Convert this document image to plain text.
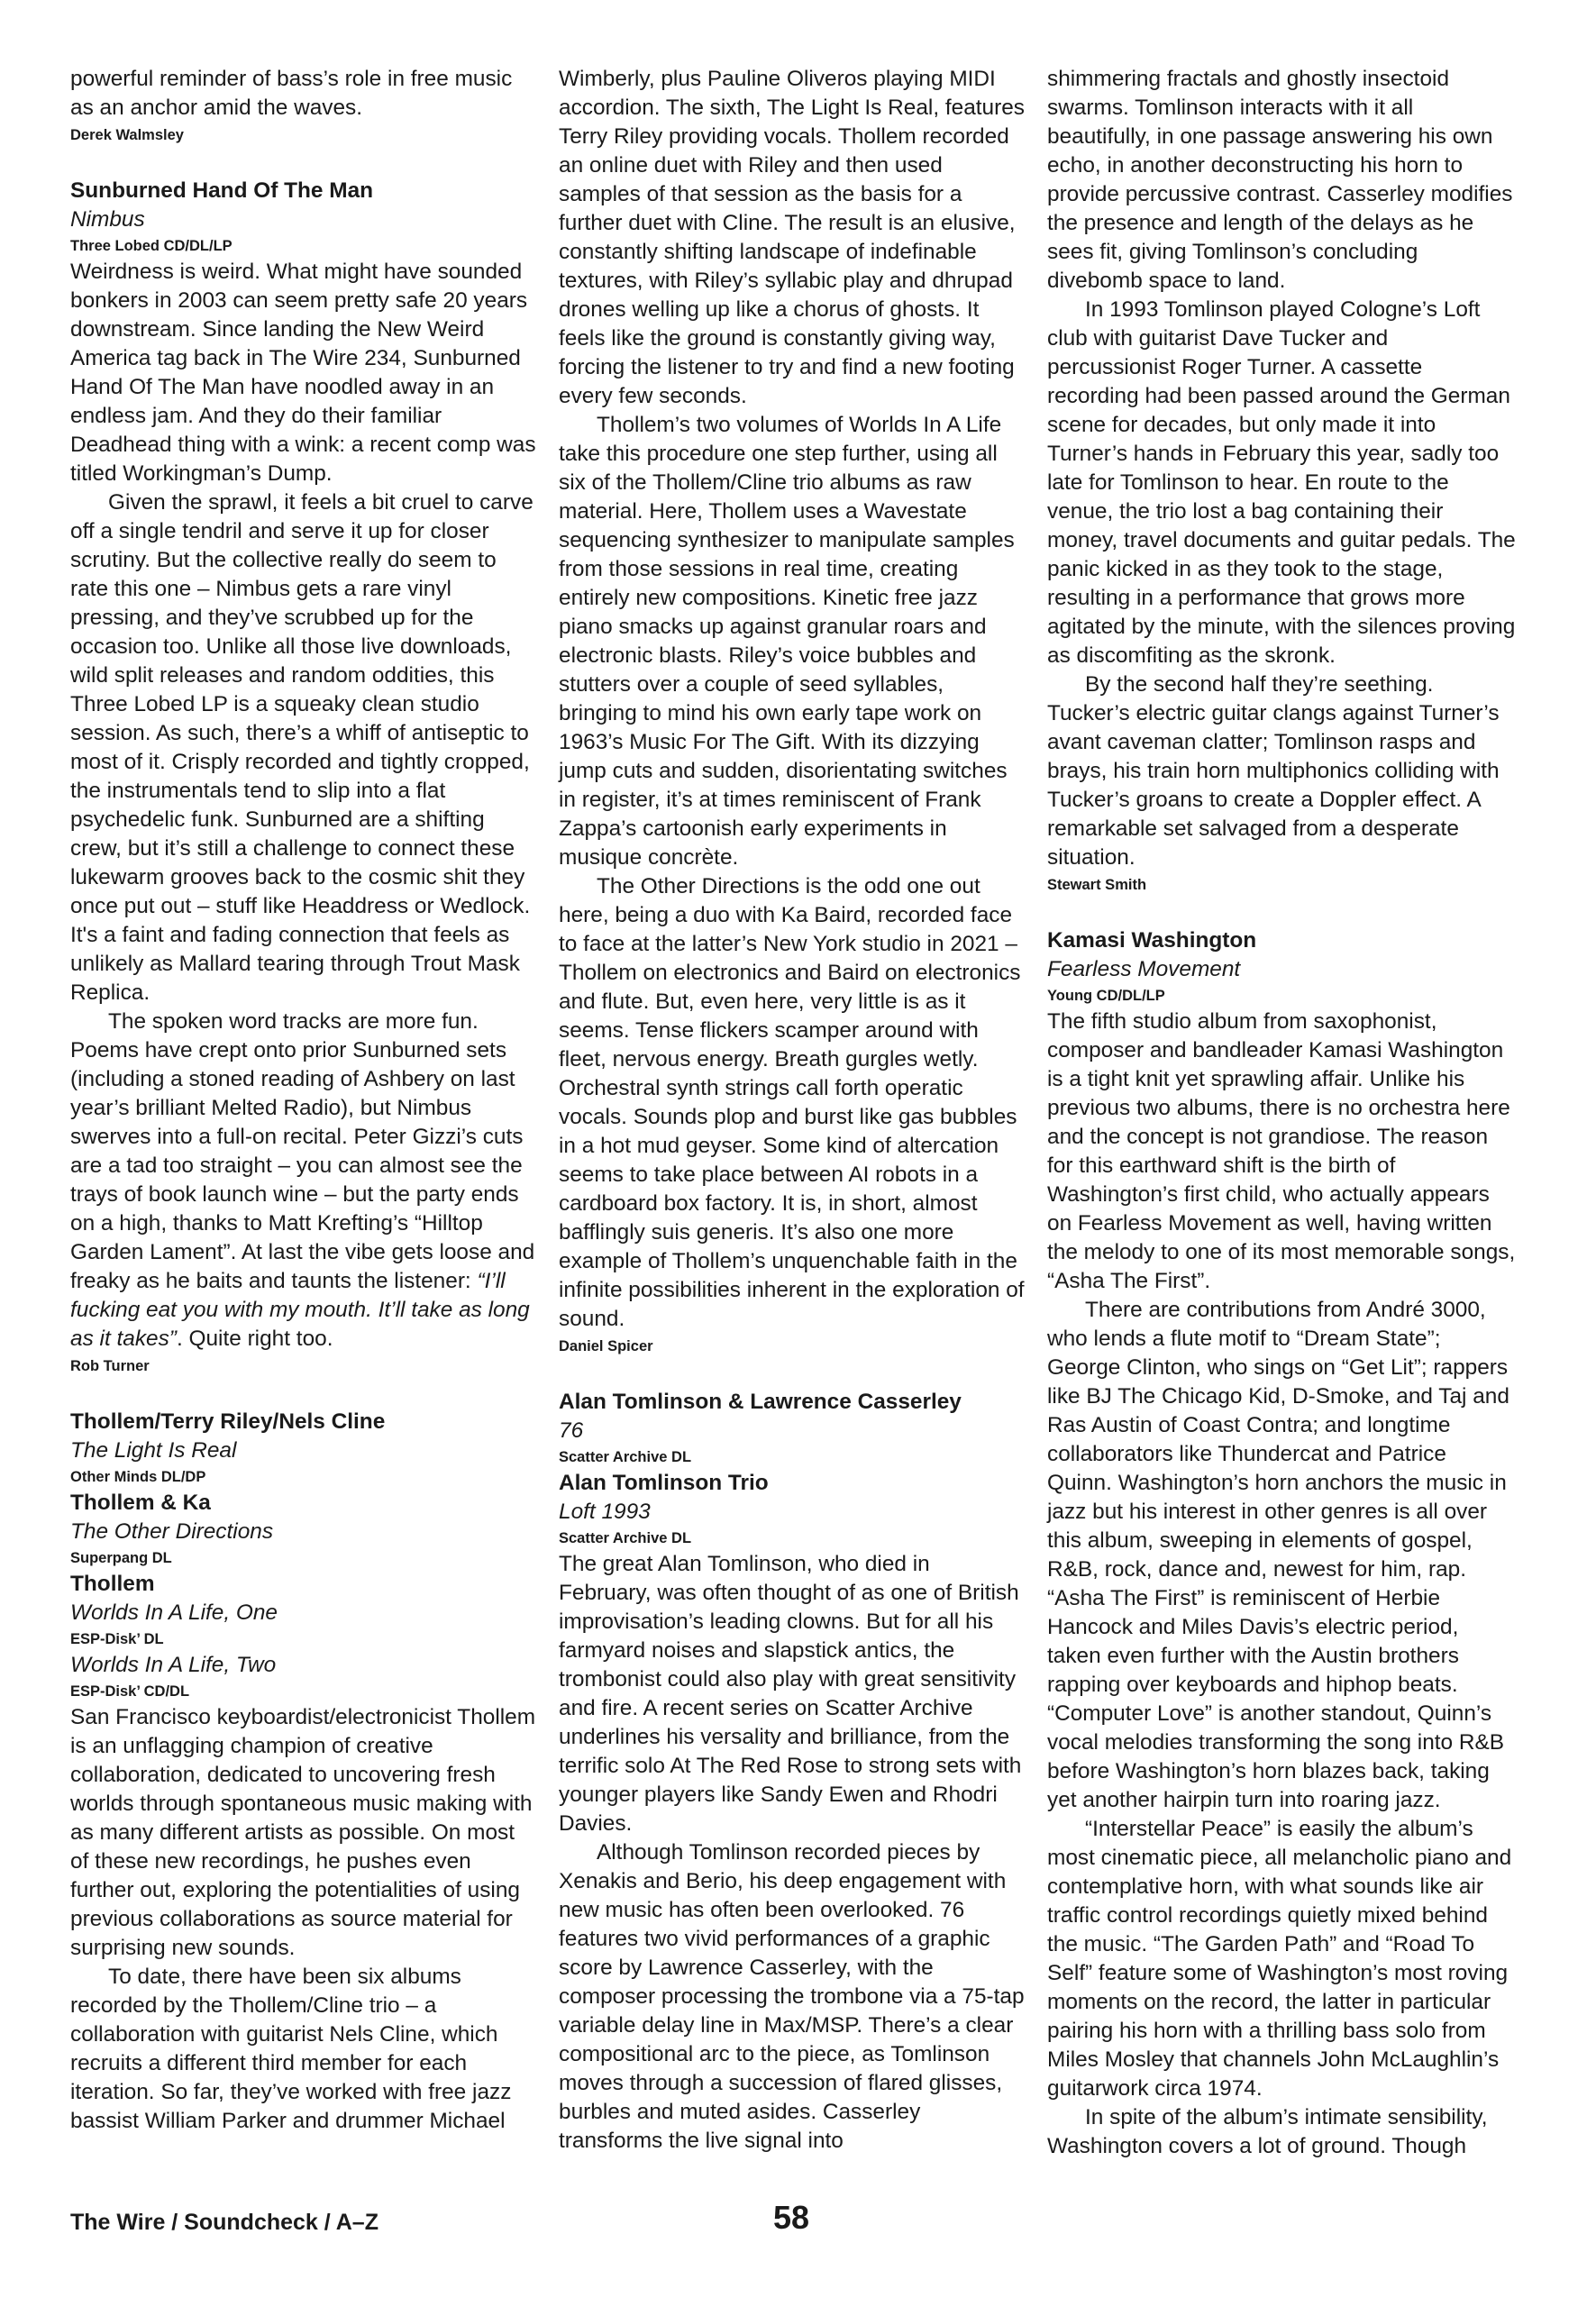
powerful reminder of bass’s role in free music as an anchor amid the waves.

Derek Walmsley
Sunburned Hand Of The Man
Nimbus
Three Lobed CD/DL/LP

Weirdness is weird. What might have sounded bonkers in 2003 can seem pretty safe 20 years downstream. Since landing the New Weird America tag back in The Wire 234, Sunburned Hand Of The Man have noodled away in an endless jam. And they do their familiar Deadhead thing with a wink: a recent comp was titled Workingman’s Dump.

Given the sprawl, it feels a bit cruel to carve off a single tendril and serve it up for closer scrutiny. But the collective really do seem to rate this one – Nimbus gets a rare vinyl pressing, and they’ve scrubbed up for the occasion too. Unlike all those live downloads, wild split releases and random oddities, this Three Lobed LP is a squeaky clean studio session. As such, there’s a whiff of antiseptic to most of it. Crisply recorded and tightly cropped, the instrumentals tend to slip into a flat psychedelic funk. Sunburned are a shifting crew, but it’s still a challenge to connect these lukewarm grooves back to the cosmic shit they once put out – stuff like Headdress or Wedlock. It's a faint and fading connection that feels as unlikely as Mallard tearing through Trout Mask Replica.

The spoken word tracks are more fun. Poems have crept onto prior Sunburned sets (including a stoned reading of Ashbery on last year’s brilliant Melted Radio), but Nimbus swerves into a full-on recital. Peter Gizzi’s cuts are a tad too straight – you can almost see the trays of book launch wine – but the party ends on a high, thanks to Matt Krefting’s “Hilltop Garden Lament”. At last the vibe gets loose and freaky as he baits and taunts the listener: “I’ll fucking eat you with my mouth. It’ll take as long as it takes”. Quite right too.

Rob Turner
Thollem/Terry Riley/Nels Cline
The Light Is Real
Other Minds DL/DP
Thollem & Ka
The Other Directions
Superpang DL
Thollem
Worlds In A Life, One
ESP-Disk’ DL
Worlds In A Life, Two
ESP-Disk’ CD/DL

San Francisco keyboardist/electronicist Thollem is an unflagging champion of creative collaboration, dedicated to uncovering fresh worlds through spontaneous music making with as many different artists as possible. On most of these new recordings, he pushes even further out, exploring the potentialities of using previous collaborations as source material for surprising new sounds.

To date, there have been six albums recorded by the Thollem/Cline trio – a collaboration with guitarist Nels Cline, which recruits a different third member for each iteration. So far, they’ve worked with free jazz bassist William Parker and drummer Michael

Wimberly, plus Pauline Oliveros playing MIDI accordion. The sixth, The Light Is Real, features Terry Riley providing vocals. Thollem recorded an online duet with Riley and then used samples of that session as the basis for a further duet with Cline. The result is an elusive, constantly shifting landscape of indefinable textures, with Riley’s syllabic play and dhrupad drones welling up like a chorus of ghosts. It feels like the ground is constantly giving way, forcing the listener to try and find a new footing every few seconds.

Thollem’s two volumes of Worlds In A Life take this procedure one step further, using all six of the Thollem/Cline trio albums as raw material. Here, Thollem uses a Wavestate sequencing synthesizer to manipulate samples from those sessions in real time, creating entirely new compositions. Kinetic free jazz piano smacks up against granular roars and electronic blasts. Riley’s voice bubbles and stutters over a couple of seed syllables, bringing to mind his own early tape work on 1963’s Music For The Gift. With its dizzying jump cuts and sudden, disorientating switches in register, it’s at times reminiscent of Frank Zappa’s cartoonish early experiments in musique concrète.

The Other Directions is the odd one out here, being a duo with Ka Baird, recorded face to face at the latter’s New York studio in 2021 – Thollem on electronics and Baird on electronics and flute. But, even here, very little is as it seems. Tense flickers scamper around with fleet, nervous energy. Breath gurgles wetly. Orchestral synth strings call forth operatic vocals. Sounds plop and burst like gas bubbles in a hot mud geyser. Some kind of altercation seems to take place between AI robots in a cardboard box factory. It is, in short, almost bafflingly suis generis. It’s also one more example of Thollem’s unquenchable faith in the infinite possibilities inherent in the exploration of sound.

Daniel Spicer
Alan Tomlinson & Lawrence Casserley
76
Scatter Archive DL
Alan Tomlinson Trio
Loft 1993
Scatter Archive DL

The great Alan Tomlinson, who died in February, was often thought of as one of British improvisation’s leading clowns. But for all his farmyard noises and slapstick antics, the trombonist could also play with great sensitivity and fire. A recent series on Scatter Archive underlines his versality and brilliance, from the terrific solo At The Red Rose to strong sets with younger players like Sandy Ewen and Rhodri Davies.

Although Tomlinson recorded pieces by Xenakis and Berio, his deep engagement with new music has often been overlooked. 76 features two vivid performances of a graphic score by Lawrence Casserley, with the composer processing the trombone via a 75-tap variable delay line in Max/MSP. There’s a clear compositional arc to the piece, as Tomlinson moves through a succession of flared glisses, burbles and muted asides. Casserley transforms the live signal into

shimmering fractals and ghostly insectoid swarms. Tomlinson interacts with it all beautifully, in one passage answering his own echo, in another deconstructing his horn to provide percussive contrast. Casserley modifies the presence and length of the delays as he sees fit, giving Tomlinson’s concluding divebomb space to land.

In 1993 Tomlinson played Cologne’s Loft club with guitarist Dave Tucker and percussionist Roger Turner. A cassette recording had been passed around the German scene for decades, but only made it into Turner’s hands in February this year, sadly too late for Tomlinson to hear. En route to the venue, the trio lost a bag containing their money, travel documents and guitar pedals. The panic kicked in as they took to the stage, resulting in a performance that grows more agitated by the minute, with the silences proving as discomfiting as the skronk.

By the second half they’re seething. Tucker’s electric guitar clangs against Turner’s avant caveman clatter; Tomlinson rasps and brays, his train horn multiphonics colliding with Tucker’s groans to create a Doppler effect. A remarkable set salvaged from a desperate situation.

Stewart Smith
Kamasi Washington
Fearless Movement
Young CD/DL/LP

The fifth studio album from saxophonist, composer and bandleader Kamasi Washington is a tight knit yet sprawling affair. Unlike his previous two albums, there is no orchestra here and the concept is not grandiose. The reason for this earthward shift is the birth of Washington’s first child, who actually appears on Fearless Movement as well, having written the melody to one of its most memorable songs, “Asha The First”.

There are contributions from André 3000, who lends a flute motif to “Dream State”; George Clinton, who sings on “Get Lit”; rappers like BJ The Chicago Kid, D-Smoke, and Taj and Ras Austin of Coast Contra; and longtime collaborators like Thundercat and Patrice Quinn. Washington’s horn anchors the music in jazz but his interest in other genres is all over this album, sweeping in elements of gospel, R&B, rock, dance and, newest for him, rap. “Asha The First” is reminiscent of Herbie Hancock and Miles Davis’s electric period, taken even further with the Austin brothers rapping over keyboards and hiphop beats. “Computer Love” is another standout, Quinn’s vocal melodies transforming the song into R&B before Washington’s horn blazes back, taking yet another hairpin turn into roaring jazz.

“Interstellar Peace” is easily the album’s most cinematic piece, all melancholic piano and contemplative horn, with what sounds like air traffic control recordings quietly mixed behind the music. “The Garden Path” and “Road To Self” feature some of Washington’s most roving moments on the record, the latter in particular pairing his horn with a thrilling bass solo from Miles Mosley that channels John McLaughlin’s guitarwork circa 1974.

In spite of the album’s intimate sensibility, Washington covers a lot of ground. Though

The Wire / Soundcheck / A–Z	58
